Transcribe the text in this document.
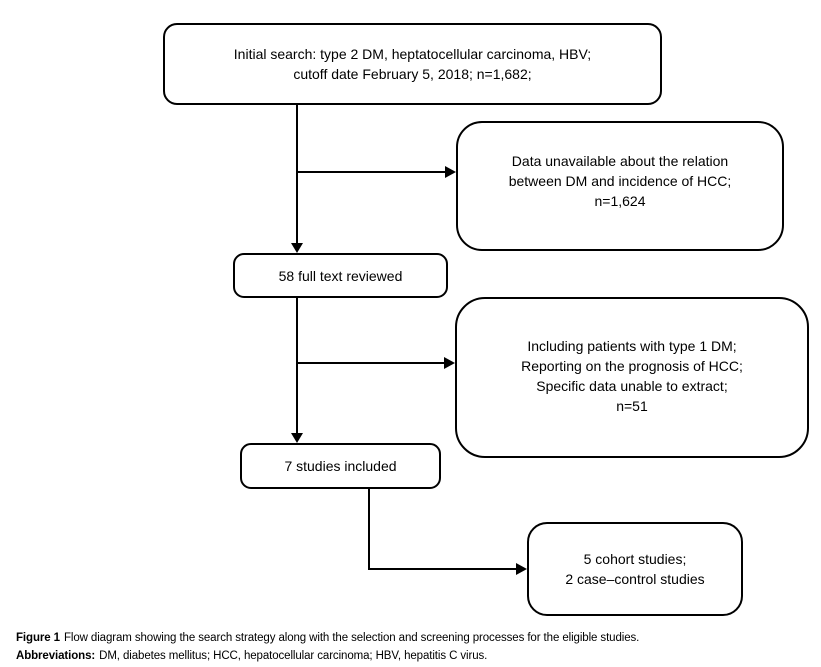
Initial search: type 2 DM, heptatocellular carcinoma, HBV;
cutoff date February 5, 2018; n=1,682;
Data unavailable about the relation
between DM and incidence of HCC;
n=1,624
58 full text reviewed
Including patients with type 1 DM;
Reporting on the prognosis of HCC;
Specific data unable to extract;
n=51
7 studies included
5 cohort studies;
2 case–control studies
Figure 1 Flow diagram showing the search strategy along with the selection and screening processes for the eligible studies.
Abbreviations: DM, diabetes mellitus; HCC, hepatocellular carcinoma; HBV, hepatitis C virus.
